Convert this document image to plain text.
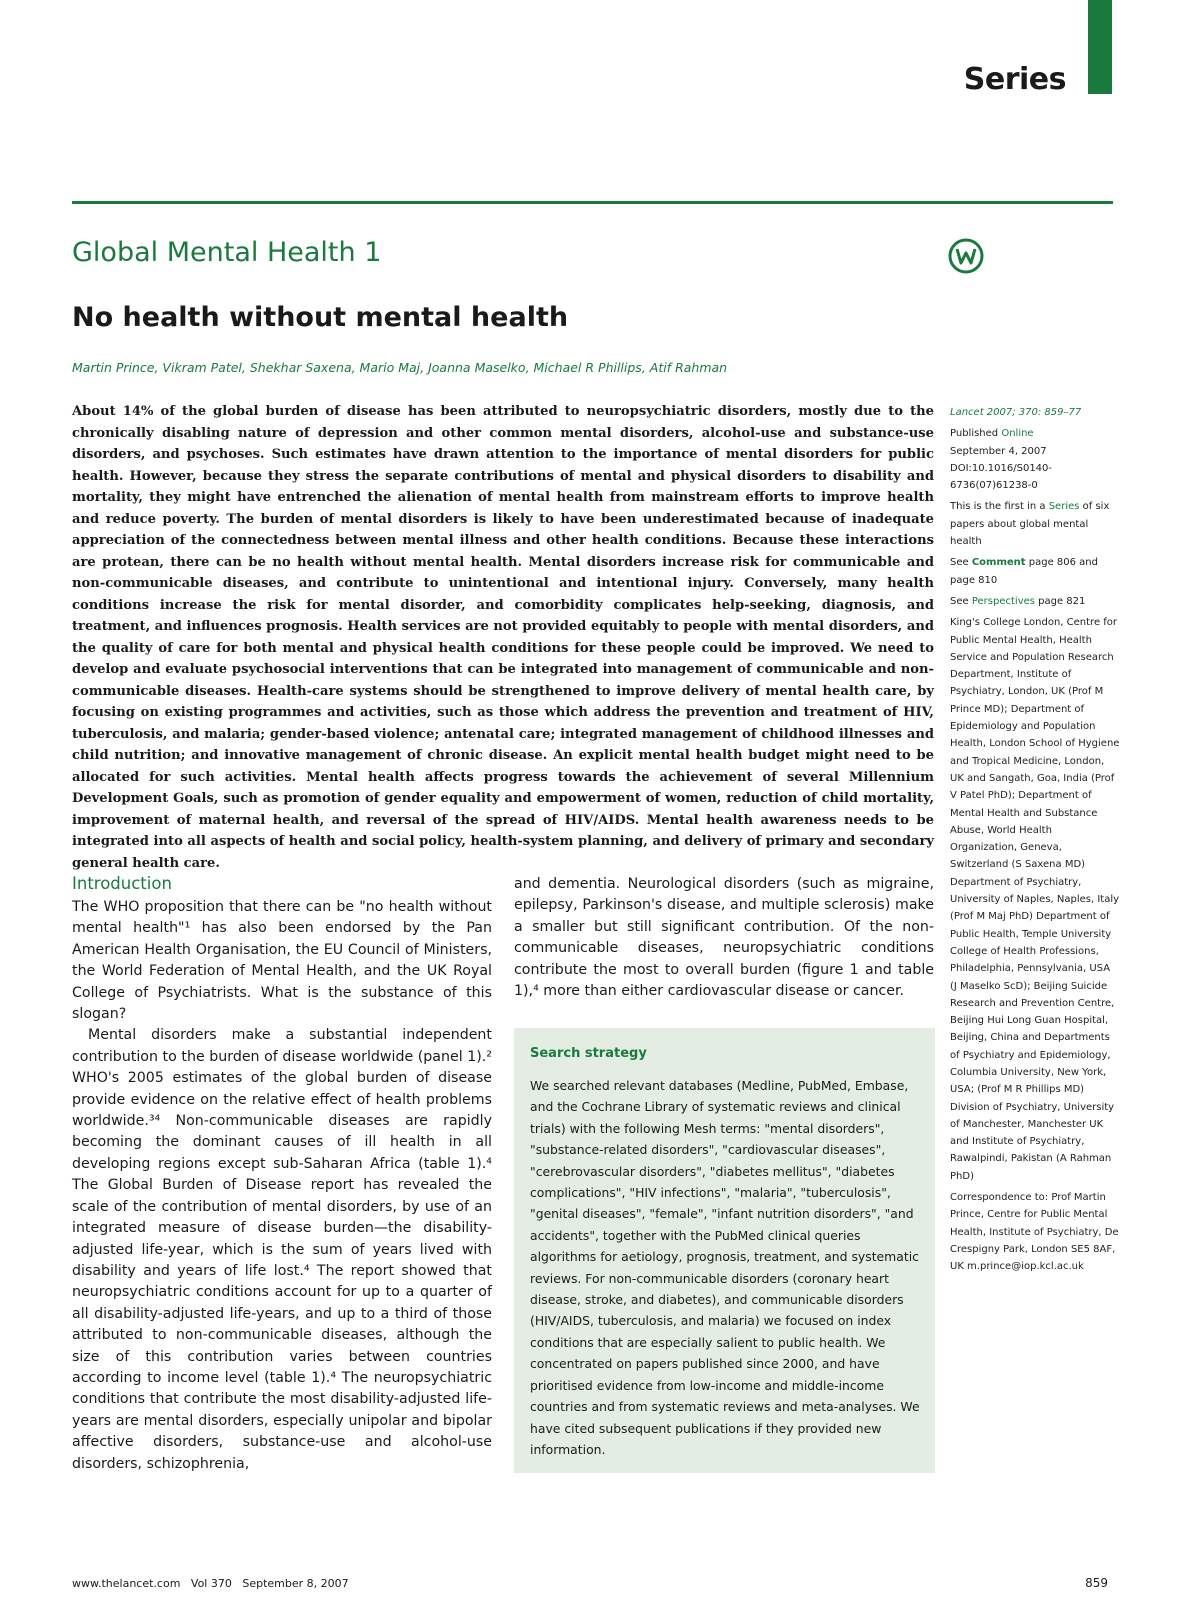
Series
Global Mental Health 1
No health without mental health
Martin Prince, Vikram Patel, Shekhar Saxena, Mario Maj, Joanna Maselko, Michael R Phillips, Atif Rahman

About 14% of the global burden of disease has been attributed to neuropsychiatric disorders, mostly due to the chronically disabling nature of depression and other common mental disorders, alcohol-use and substance-use disorders, and psychoses. Such estimates have drawn attention to the importance of mental disorders for public health. However, because they stress the separate contributions of mental and physical disorders to disability and mortality, they might have entrenched the alienation of mental health from mainstream efforts to improve health and reduce poverty. The burden of mental disorders is likely to have been underestimated because of inadequate appreciation of the connectedness between mental illness and other health conditions. Because these interactions are protean, there can be no health without mental health. Mental disorders increase risk for communicable and non-communicable diseases, and contribute to unintentional and intentional injury. Conversely, many health conditions increase the risk for mental disorder, and comorbidity complicates help-seeking, diagnosis, and treatment, and influences prognosis. Health services are not provided equitably to people with mental disorders, and the quality of care for both mental and physical health conditions for these people could be improved. We need to develop and evaluate psychosocial interventions that can be integrated into management of communicable and non-communicable diseases. Health-care systems should be strengthened to improve delivery of mental health care, by focusing on existing programmes and activities, such as those which address the prevention and treatment of HIV, tuberculosis, and malaria; gender-based violence; antenatal care; integrated management of childhood illnesses and child nutrition; and innovative management of chronic disease. An explicit mental health budget might need to be allocated for such activities. Mental health affects progress towards the achievement of several Millennium Development Goals, such as promotion of gender equality and empowerment of women, reduction of child mortality, improvement of maternal health, and reversal of the spread of HIV/AIDS. Mental health awareness needs to be integrated into all aspects of health and social policy, health-system planning, and delivery of primary and secondary general health care.

Lancet 2007; 370: 859–77

Published Online
September 4, 2007 DOI:10.1016/S0140-6736(07)61238-0

This is the first in a Series of six papers about global mental health

See Comment page 806 and page 810

See Perspectives page 821

King's College London, Centre for Public Mental Health, Health Service and Population Research Department, Institute of Psychiatry, London, UK (Prof M Prince MD); Department of Epidemiology and Population Health, London School of Hygiene and Tropical Medicine, London, UK and Sangath, Goa, India (Prof V Patel PhD); Department of Mental Health and Substance Abuse, World Health Organization, Geneva, Switzerland (S Saxena MD) Department of Psychiatry, University of Naples, Naples, Italy (Prof M Maj PhD) Department of Public Health, Temple University College of Health Professions, Philadelphia, Pennsylvania, USA (J Maselko ScD); Beijing Suicide Research and Prevention Centre, Beijing Hui Long Guan Hospital, Beijing, China and Departments of Psychiatry and Epidemiology, Columbia University, New York, USA; (Prof M R Phillips MD) Division of Psychiatry, University of Manchester, Manchester UK and Institute of Psychiatry, Rawalpindi, Pakistan (A Rahman PhD)

Correspondence to: Prof Martin Prince, Centre for Public Mental Health, Institute of Psychiatry, De Crespigny Park, London SE5 8AF, UK m.prince@iop.kcl.ac.uk

Introduction

The WHO proposition that there can be "no health without mental health"¹ has also been endorsed by the Pan American Health Organisation, the EU Council of Ministers, the World Federation of Mental Health, and the UK Royal College of Psychiatrists. What is the substance of this slogan?

Mental disorders make a substantial independent contribution to the burden of disease worldwide (panel 1).² WHO's 2005 estimates of the global burden of disease provide evidence on the relative effect of health problems worldwide.³⁴ Non-communicable diseases are rapidly becoming the dominant causes of ill health in all developing regions except sub-Saharan Africa (table 1).⁴ The Global Burden of Disease report has revealed the scale of the contribution of mental disorders, by use of an integrated measure of disease burden—the disability-adjusted life-year, which is the sum of years lived with disability and years of life lost.⁴ The report showed that neuropsychiatric conditions account for up to a quarter of all disability-adjusted life-years, and up to a third of those attributed to non-communicable diseases, although the size of this contribution varies between countries according to income level (table 1).⁴ The neuropsychiatric conditions that contribute the most disability-adjusted life-years are mental disorders, especially unipolar and bipolar affective disorders, substance-use and alcohol-use disorders, schizophrenia,

and dementia. Neurological disorders (such as migraine, epilepsy, Parkinson's disease, and multiple sclerosis) make a smaller but still significant contribution. Of the non-communicable diseases, neuropsychiatric conditions contribute the most to overall burden (figure 1 and table 1),⁴ more than either cardiovascular disease or cancer.

Search strategy

We searched relevant databases (Medline, PubMed, Embase, and the Cochrane Library of systematic reviews and clinical trials) with the following Mesh terms: "mental disorders", "substance-related disorders", "cardiovascular diseases", "cerebrovascular disorders", "diabetes mellitus", "diabetes complications", "HIV infections", "malaria", "tuberculosis", "genital diseases", "female", "infant nutrition disorders", "and accidents", together with the PubMed clinical queries algorithms for aetiology, prognosis, treatment, and systematic reviews. For non-communicable disorders (coronary heart disease, stroke, and diabetes), and communicable disorders (HIV/AIDS, tuberculosis, and malaria) we focused on index conditions that are especially salient to public health. We concentrated on papers published since 2000, and have prioritised evidence from low-income and middle-income countries and from systematic reviews and meta-analyses. We have cited subsequent publications if they provided new information.

www.thelancet.com   Vol 370   September 8, 2007	859
